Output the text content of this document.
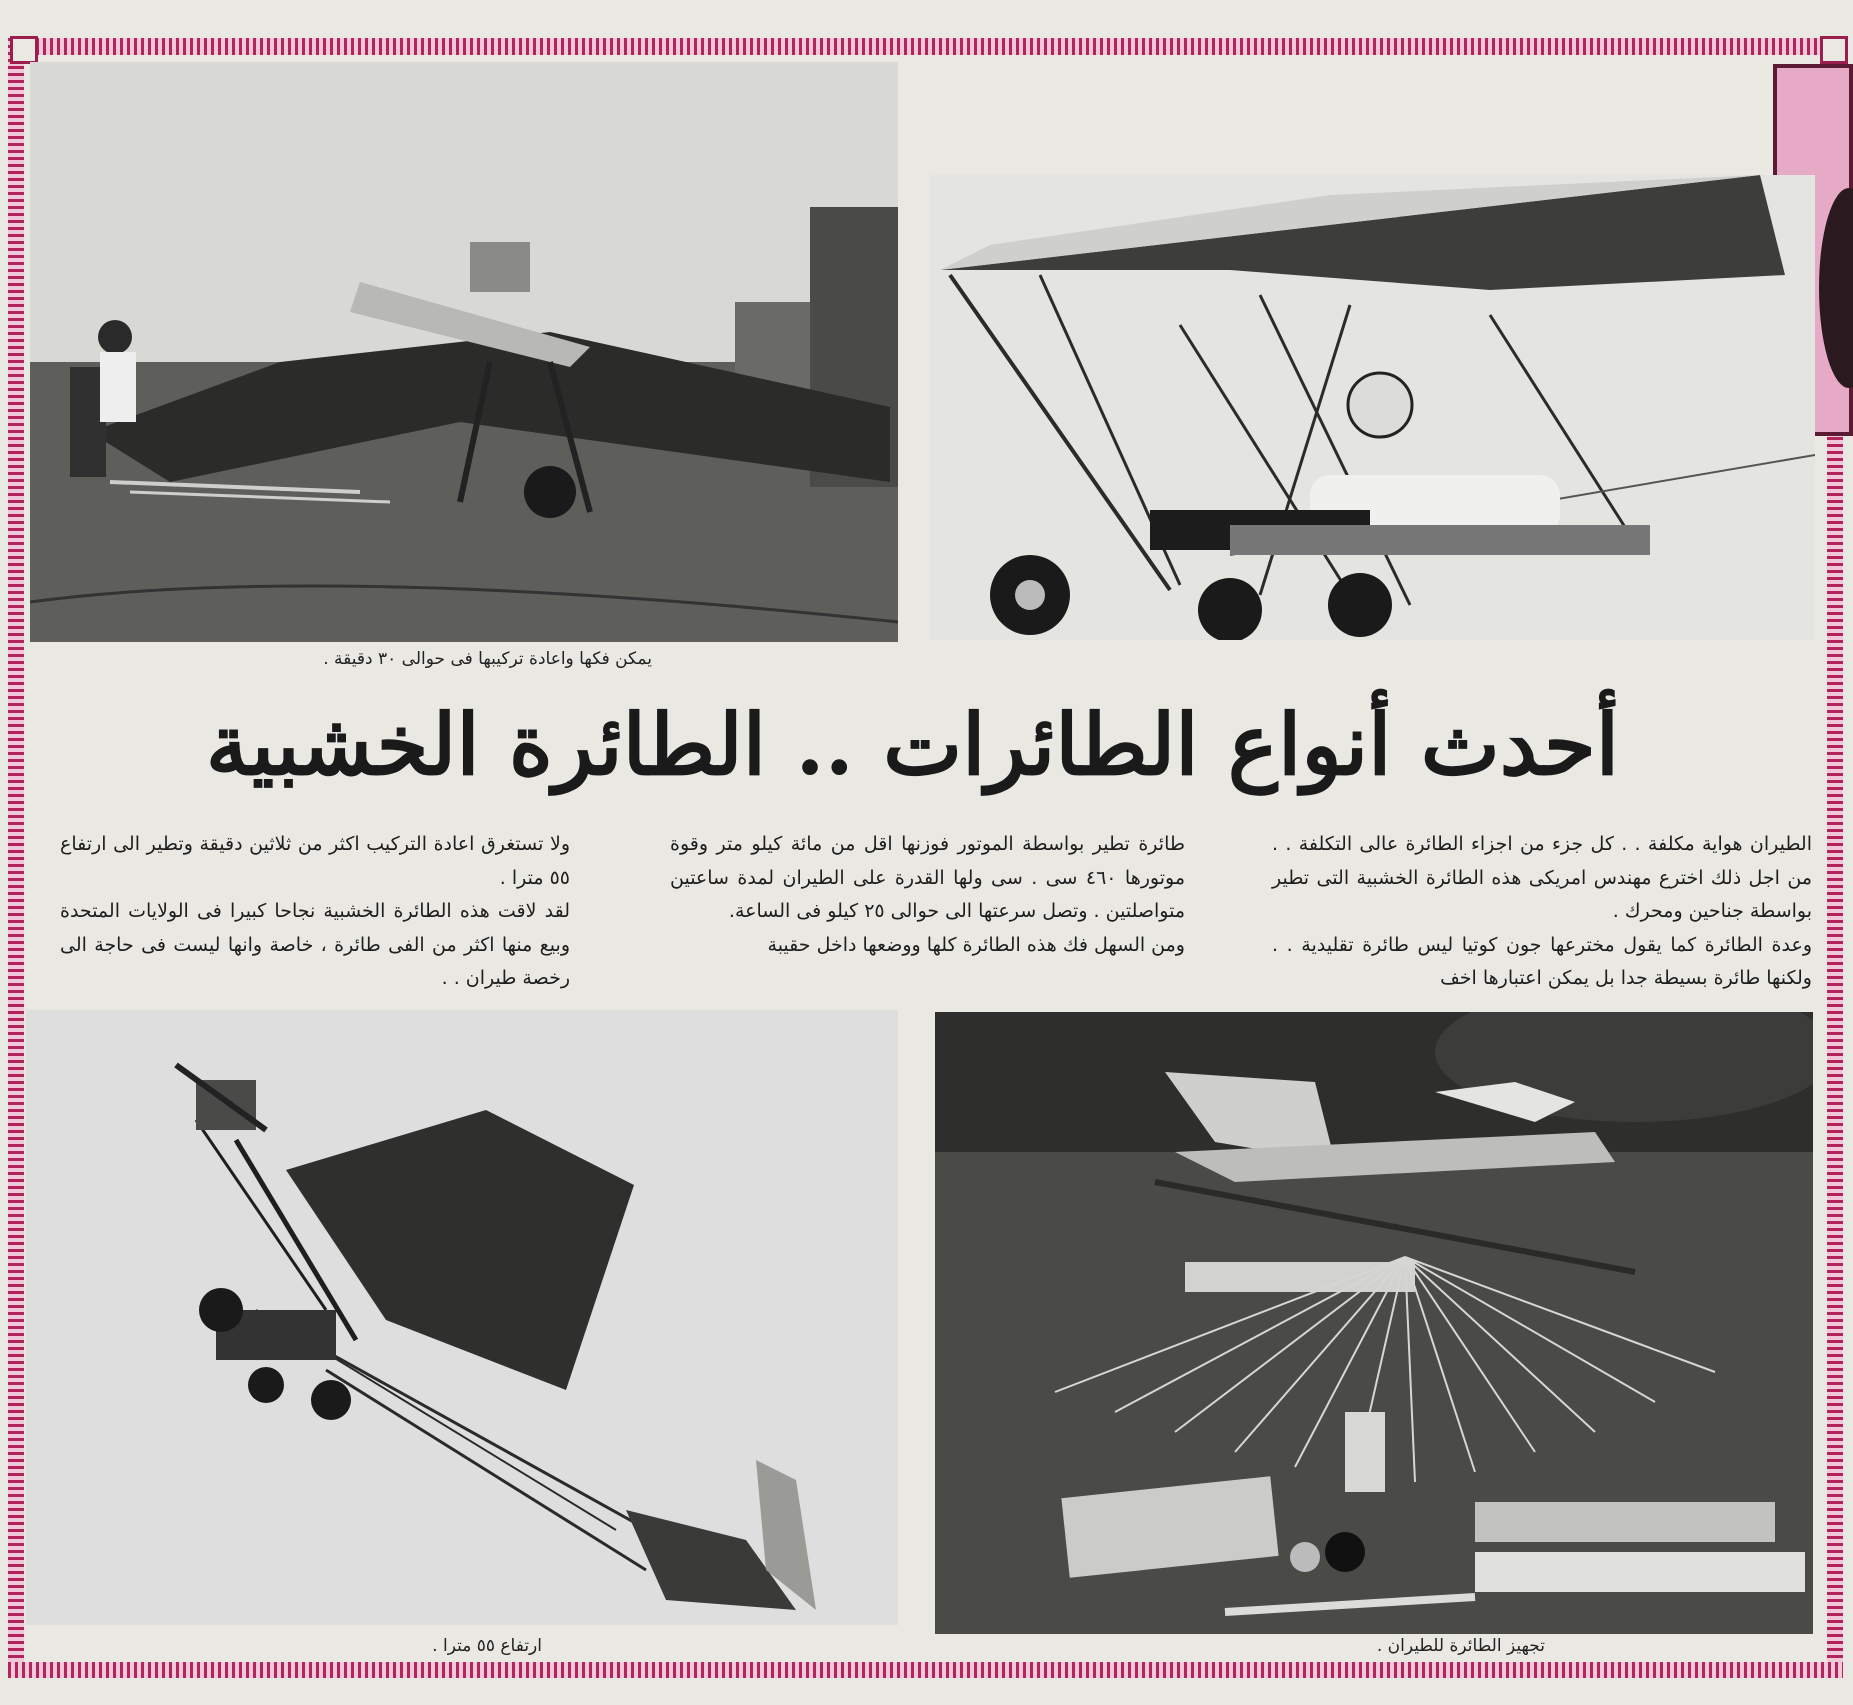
يمكن فكها واعادة تركيبها فى حوالى ٣٠ دقيقة .
أحدث أنواع الطائرات .. الطائرة الخشبية

الطيران هواية مكلفة . . كل جزء من اجزاء الطائرة عالى التكلفة . . من اجل ذلك اخترع مهندس امريكى هذه الطائرة الخشبية التى تطير بواسطة جناحين ومحرك .

وعدة الطائرة كما يقول مخترعها جون كوتيا ليس طائرة تقليدية . . ولكنها طائرة بسيطة جدا بل يمكن اعتبارها اخف

طائرة تطير بواسطة الموتور فوزنها اقل من مائة كيلو متر وقوة موتورها ٤٦٠ سى . سى ولها القدرة على الطيران لمدة ساعتين متواصلتين . وتصل سرعتها الى حوالى ٢٥ كيلو فى الساعة.

ومن السهل فك هذه الطائرة كلها ووضعها داخل حقيبة

ولا تستغرق اعادة التركيب اكثر من ثلاثين دقيقة وتطير الى ارتفاع ٥٥ مترا .

لقد لاقت هذه الطائرة الخشبية نجاحا كبيرا فى الولايات المتحدة وبيع منها اكثر من الفى طائرة ، خاصة وانها ليست فى حاجة الى رخصة طيران . .

ارتفاع ٥٥ مترا .	تجهيز الطائرة للطيران .
